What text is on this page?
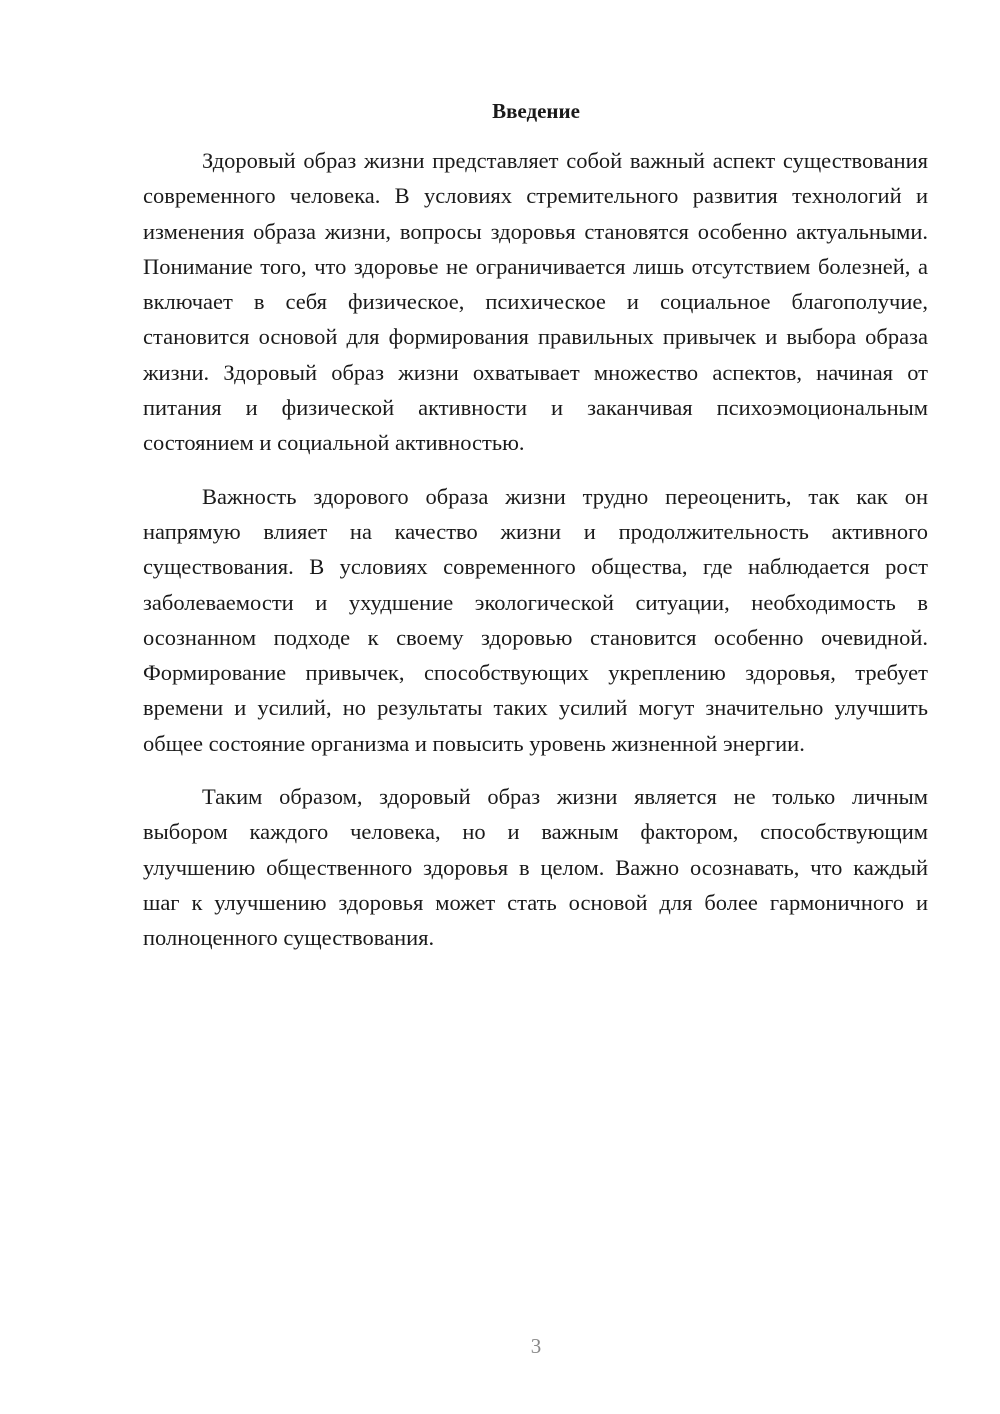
Введение

Здоровый образ жизни представляет собой важный аспект существования современного человека. В условиях стремительного развития технологий и изменения образа жизни, вопросы здоровья становятся особенно актуальными. Понимание того, что здоровье не ограничивается лишь отсутствием болезней, а включает в себя физическое, психическое и социальное благополучие, становится основой для формирования правильных привычек и выбора образа жизни. Здоровый образ жизни охватывает множество аспектов, начиная от питания и физической активности и заканчивая психоэмоциональным состоянием и социальной активностью.

Важность здорового образа жизни трудно переоценить, так как он напрямую влияет на качество жизни и продолжительность активного существования. В условиях современного общества, где наблюдается рост заболеваемости и ухудшение экологической ситуации, необходимость в осознанном подходе к своему здоровью становится особенно очевидной. Формирование привычек, способствующих укреплению здоровья, требует времени и усилий, но результаты таких усилий могут значительно улучшить общее состояние организма и повысить уровень жизненной энергии.

Таким образом, здоровый образ жизни является не только личным выбором каждого человека, но и важным фактором, способствующим улучшению общественного здоровья в целом. Важно осознавать, что каждый шаг к улучшению здоровья может стать основой для более гармоничного и полноценного существования.

3
